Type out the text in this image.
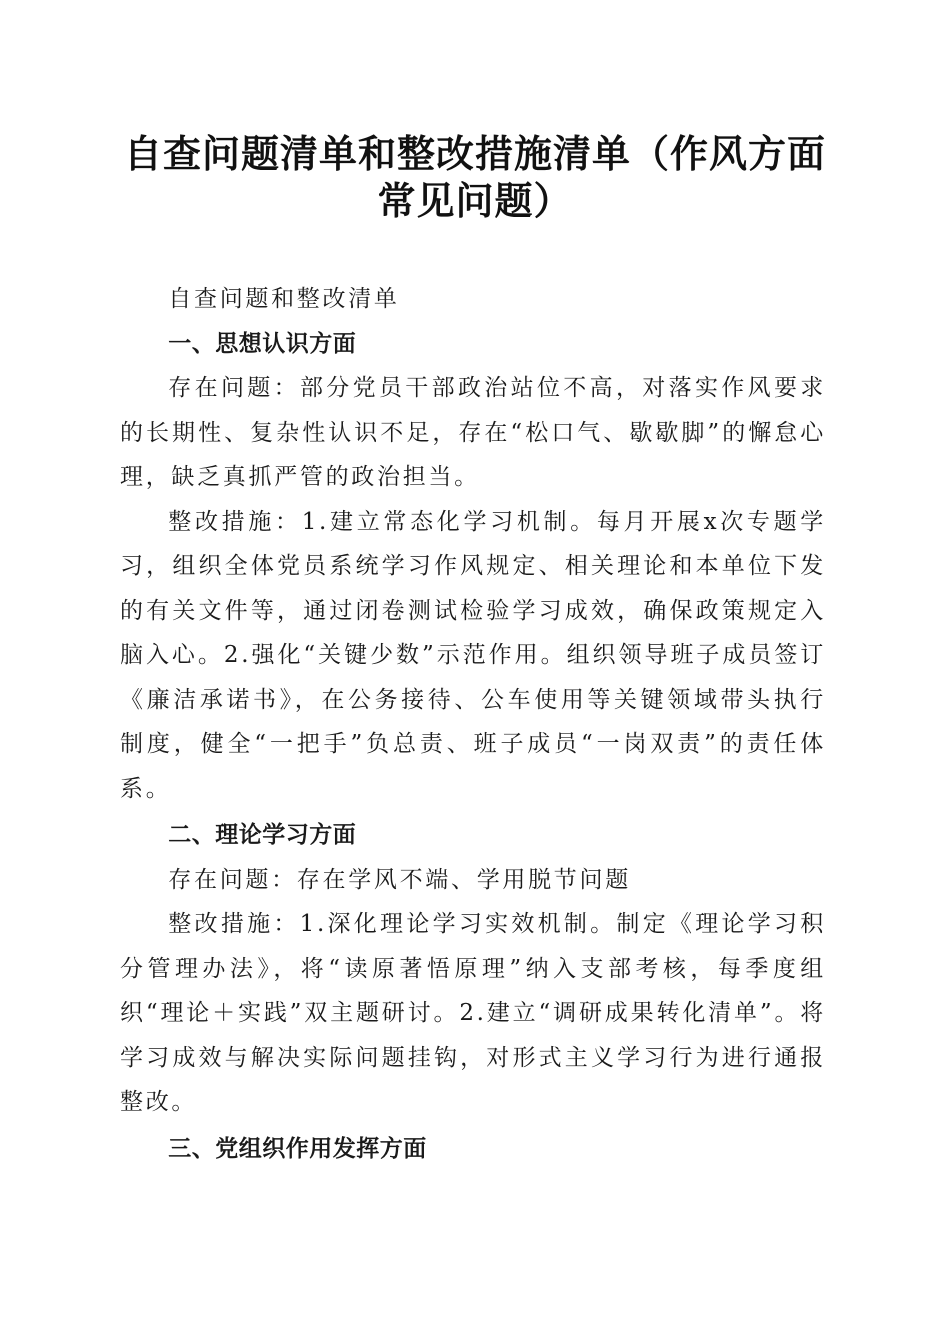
自查问题清单和整改措施清单（作风方面常见问题）

自查问题和整改清单

一、思想认识方面

存在问题：部分党员干部政治站位不高，对落实作风要求的长期性、复杂性认识不足，存在“松口气、歇歇脚”的懈怠心理，缺乏真抓严管的政治担当。

整改措施：1.建立常态化学习机制。每月开展x次专题学习，组织全体党员系统学习作风规定、相关理论和本单位下发的有关文件等，通过闭卷测试检验学习成效，确保政策规定入脑入心。2.强化“关键少数”示范作用。组织领导班子成员签订《廉洁承诺书》，在公务接待、公车使用等关键领域带头执行制度，健全“一把手”负总责、班子成员“一岗双责”的责任体系。

二、理论学习方面

存在问题：存在学风不端、学用脱节问题

整改措施：1.深化理论学习实效机制。制定《理论学习积分管理办法》，将“读原著悟原理”纳入支部考核，每季度组织“理论＋实践”双主题研讨。2.建立“调研成果转化清单”。将学习成效与解决实际问题挂钩，对形式主义学习行为进行通报整改。

三、党组织作用发挥方面
